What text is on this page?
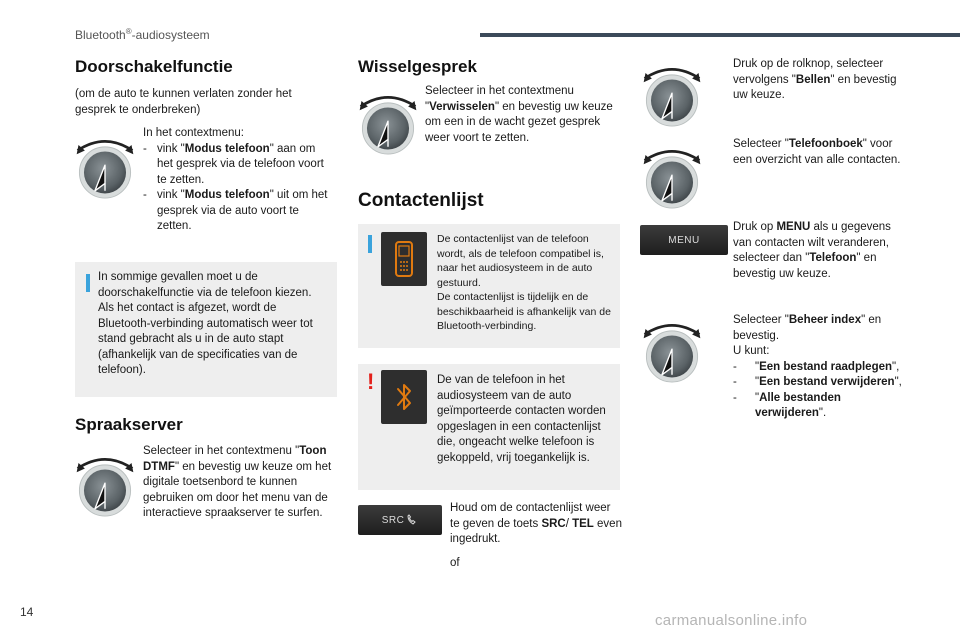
Bluetooth®-audiosysteem
Doorschakelfunctie
(om de auto te kunnen verlaten zonder het gesprek te onderbreken)
In het contextmenu:
- vink "Modus telefoon" aan om het gesprek via de telefoon voort te zetten.
- vink "Modus telefoon" uit om het gesprek via de auto voort te zetten.
In sommige gevallen moet u de doorschakelfunctie via de telefoon kiezen. Als het contact is afgezet, wordt de Bluetooth-verbinding automatisch weer tot stand gebracht als u in de auto stapt (afhankelijk van de specificaties van de telefoon).
Spraakserver
Selecteer in het contextmenu "Toon DTMF" en bevestig uw keuze om het digitale toetsenbord te kunnen gebruiken om door het menu van de interactieve spraakserver te surfen.
Wisselgesprek
Selecteer in het contextmenu "Verwisselen" en bevestig uw keuze om een in de wacht gezet gesprek weer voort te zetten.
Contactenlijst
De contactenlijst van de telefoon wordt, als de telefoon compatibel is, naar het audiosysteem in de auto gestuurd.
De contactenlijst is tijdelijk en de beschikbaarheid is afhankelijk van de Bluetooth-verbinding.
!	De van de telefoon in het audiosysteem van de auto geïmporteerde contacten worden opgeslagen in een contactenlijst die, ongeacht welke telefoon is gekoppeld, vrij toegankelijk is.
SRC
Houd om de contactenlijst weer te geven de toets SRC/ TEL even ingedrukt.
of
Druk op de rolknop, selecteer vervolgens "Bellen" en bevestig uw keuze.
Selecteer "Telefoonboek" voor een overzicht van alle contacten.
MENU
Druk op MENU als u gegevens van contacten wilt veranderen, selecteer dan "Telefoon" en bevestig uw keuze.
Selecteer "Beheer index" en bevestig.
U kunt:
- "Een bestand raadplegen",
- "Een bestand verwijderen",
- "Alle bestanden verwijderen".
14	carmanualsonline.info
